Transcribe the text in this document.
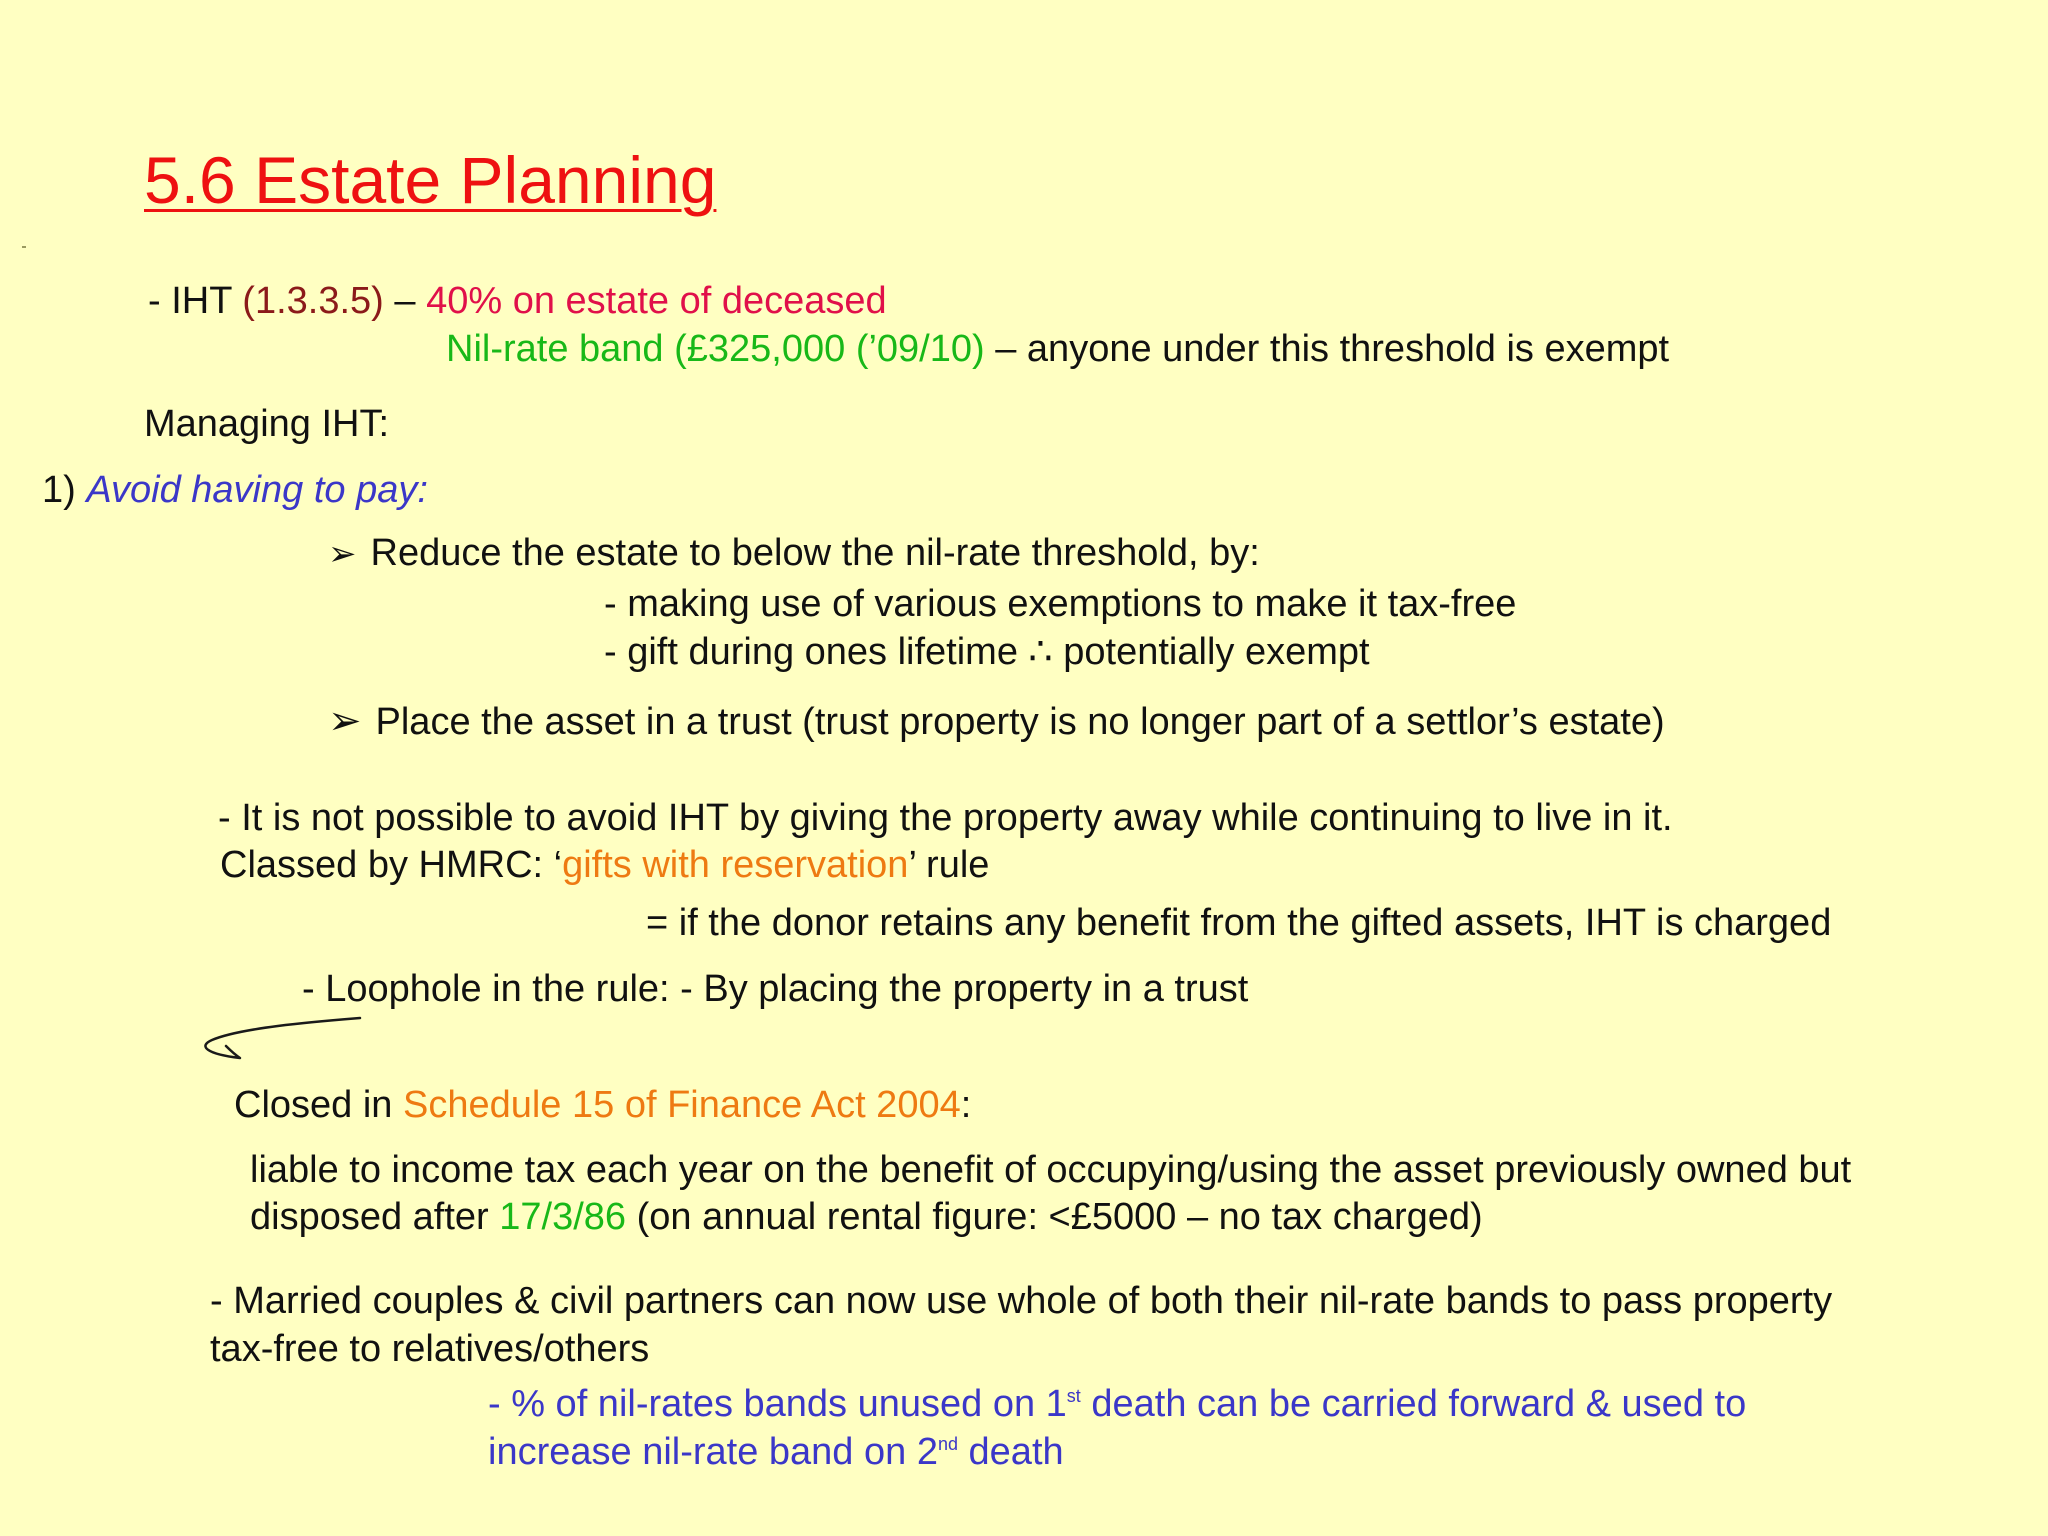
5.6 Estate Planning
- IHT (1.3.3.5) – 40% on estate of deceased
Nil-rate band (£325,000 (’09/10) – anyone under this threshold is exempt
Managing IHT:
1) Avoid having to pay:
➢ Reduce the estate to below the nil-rate threshold, by:
- making use of various exemptions to make it tax-free
- gift during ones lifetime ∴ potentially exempt
➢ Place the asset in a trust (trust property is no longer part of a settlor’s estate)
- It is not possible to avoid IHT by giving the property away while continuing to live in it.
Classed by HMRC: ‘gifts with reservation’ rule
= if the donor retains any benefit from the gifted assets, IHT is charged
- Loophole in the rule: - By placing the property in a trust
Closed in Schedule 15 of Finance Act 2004:
liable to income tax each year on the benefit of occupying/using the asset previously owned but
disposed after 17/3/86 (on annual rental figure: <£5000 – no tax charged)
- Married couples & civil partners can now use whole of both their nil-rate bands to pass property
tax-free to relatives/others
- % of nil-rates bands unused on 1st death can be carried forward & used to
increase nil-rate band on 2nd death
